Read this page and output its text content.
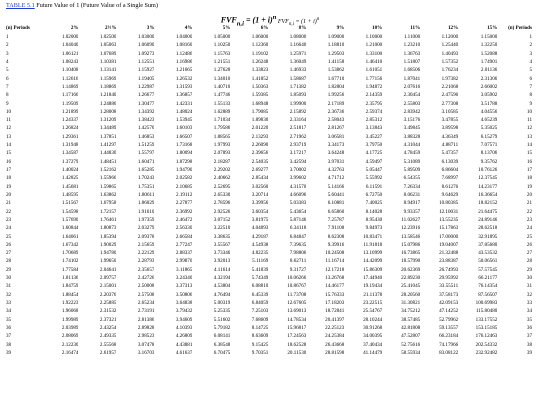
TABLE 5.1 Future Value of 1 (Future Value of a Single Sum)
$FVF_{n,i} = (1 + i)^n$ $FVF_{n,i} = (1 + i)^n$
(n) Periods	2%	2½%	3%	4%	5%	6%	8%	9%	10%	11%	12%	15%	(n) Periods
1	1.02000	1.02500	1.03000	1.04000	1.05000	1.06000	1.08000	1.09000	1.10000	1.11000	1.12000	1.15000	1
2	1.04040	1.05063	1.06090	1.08160	1.10250	1.12360	1.16640	1.18810	1.21000	1.23210	1.25440	1.32250	2
3	1.06121	1.07689	1.09273	1.12486	1.15763	1.19102	1.25971	1.29503	1.33100	1.36763	1.40493	1.52088	3
4	1.08243	1.10381	1.12551	1.16986	1.21551	1.26248	1.36049	1.41158	1.46410	1.51807	1.57352	1.74901	4
5	1.10408	1.13141	1.15927	1.21665	1.27628	1.33823	1.46933	1.53862	1.61051	1.68506	1.76234	2.01136	5
6	1.12616	1.15969	1.19405	1.26532	1.34010	1.41852	1.58687	1.67710	1.77156	1.87041	1.97382	2.31306	6
7	1.14869	1.18869	1.22987	1.31593	1.40710	1.50363	1.71382	1.82804	1.94872	2.07616	2.21068	2.66002	7
8	1.17166	1.21840	1.26677	1.36857	1.47746	1.59385	1.85093	1.99256	2.14359	2.30454	2.47596	3.05902	8
9	1.19509	1.24886	1.30477	1.42331	1.55133	1.68948	1.99900	2.17189	2.35795	2.55803	2.77308	3.51788	9
10	1.21899	1.28008	1.34392	1.48024	1.62889	1.79085	2.15892	2.36736	2.59374	2.83942	3.10585	4.04556	10
11	1.24337	1.31209	1.38423	1.53945	1.71034	1.89830	2.33164	2.58043	2.85312	3.15176	3.47855	4.65239	11
12	1.26824	1.34489	1.42576	1.60103	1.79586	2.01220	2.51817	2.81267	3.13843	3.49845	3.89598	5.35025	12
13	1.29361	1.37851	1.46853	1.66507	1.88565	2.13293	2.71962	3.06581	3.45227	3.88328	4.36349	6.15279	13
14	1.31948	1.41297	1.51259	1.73168	1.97993	2.26090	2.93719	3.34173	3.79750	4.31044	4.88711	7.07571	14
15	1.34587	1.44830	1.55797	1.80094	2.07893	2.39656	3.17217	3.64248	4.17725	4.78459	5.47357	8.13706	15
16	1.37279	1.48451	1.60471	1.87298	2.18287	2.54035	3.42594	3.97031	4.59497	5.31089	6.13039	9.35762	16
17	1.40024	1.52162	1.65285	1.94790	2.29202	2.69277	3.70002	4.32763	5.05447	5.89509	6.86604	10.76126	17
18	1.42825	1.55966	1.70243	2.02582	2.40662	2.85434	3.99602	4.71712	5.55992	6.54355	7.68997	12.37545	18
19	1.45681	1.59865	1.75351	2.10685	2.52695	3.02560	4.31570	5.14166	6.11591	7.26334	8.61276	14.23177	19
20	1.48595	1.63862	1.80611	2.19112	2.65330	3.20714	4.66096	5.60441	6.72750	8.06231	9.64629	16.36654	20
21	1.51567	1.67958	1.86029	2.27877	2.78596	3.39956	5.03383	6.10881	7.40025	8.94917	10.80385	18.82152	21
22	1.54598	1.72157	1.91610	2.36992	2.92526	3.60354	5.43654	6.65860	8.14028	9.93357	12.10031	21.64475	22
23	1.57690	1.76461	1.97359	2.46472	3.07152	3.81975	5.87146	7.25787	8.95430	11.02627	13.55235	24.89146	23
24	1.60844	1.80873	2.03279	2.56330	3.22510	4.04893	6.34118	7.91108	9.84973	12.23916	15.17863	28.62518	24
25	1.64061	1.85394	2.09378	2.66584	3.38635	4.29187	6.84847	8.62308	10.83471	13.58546	17.00000	32.91895	25
26	1.67342	1.90029	2.15659	2.77247	3.55567	4.54938	7.39635	9.39916	11.91818	15.07986	19.04007	37.85680	26
27	1.70689	1.94780	2.22129	2.88337	3.73346	4.82235	7.98806	10.24508	13.10999	16.73865	21.32488	43.53532	27
28	1.74102	1.99650	2.28793	2.99870	3.92013	5.11169	8.62711	11.16714	14.42099	18.57990	23.88387	50.06561	28
29	1.77584	2.04641	2.35657	3.11865	4.11614	5.41839	9.31727	12.17218	15.86309	20.62369	26.74993	57.57545	29
30	1.81136	2.09757	2.42726	3.24340	4.32194	5.74349	10.06266	13.26768	17.44940	22.89230	29.95992	66.21177	30
31	1.84759	2.15001	2.50008	3.37313	4.53804	6.08810	10.86767	14.46177	19.19434	25.41045	33.55511	76.14354	31
32	1.88454	2.20376	2.57508	3.50806	4.76494	6.45339	11.73708	15.76333	21.11378	28.20560	37.58173	87.56507	32
33	1.92223	2.25885	2.65234	3.64838	5.00319	6.84059	12.67605	17.18203	23.22515	31.30821	42.09153	100.69983	33
34	1.96068	2.31532	2.73191	3.79432	5.25335	7.25103	13.69013	18.72841	25.54767	34.75212	47.14252	115.80480	34
35	1.99989	2.37321	2.81386	3.94609	5.51602	7.68609	14.78534	20.41397	28.10244	38.57485	52.79962	133.17552	35
36	2.03989	2.43254	2.89828	4.10393	5.79182	8.14725	15.96817	22.25123	30.91268	42.81808	59.13557	153.15185	36
37	2.08069	2.49335	2.98523	4.26809	6.08141	8.63609	17.24563	24.25384	34.00395	47.52807	66.23184	176.12463	37
38	2.12230	2.55568	3.07478	4.43881	6.38548	9.15425	18.62528	26.43668	37.40434	52.75616	74.17966	202.54332	38
39	2.16474	2.61957	3.16703	4.61637	6.70475	9.70351	20.11530	28.81598	41.14479	58.55934	83.08122	232.92482	39
